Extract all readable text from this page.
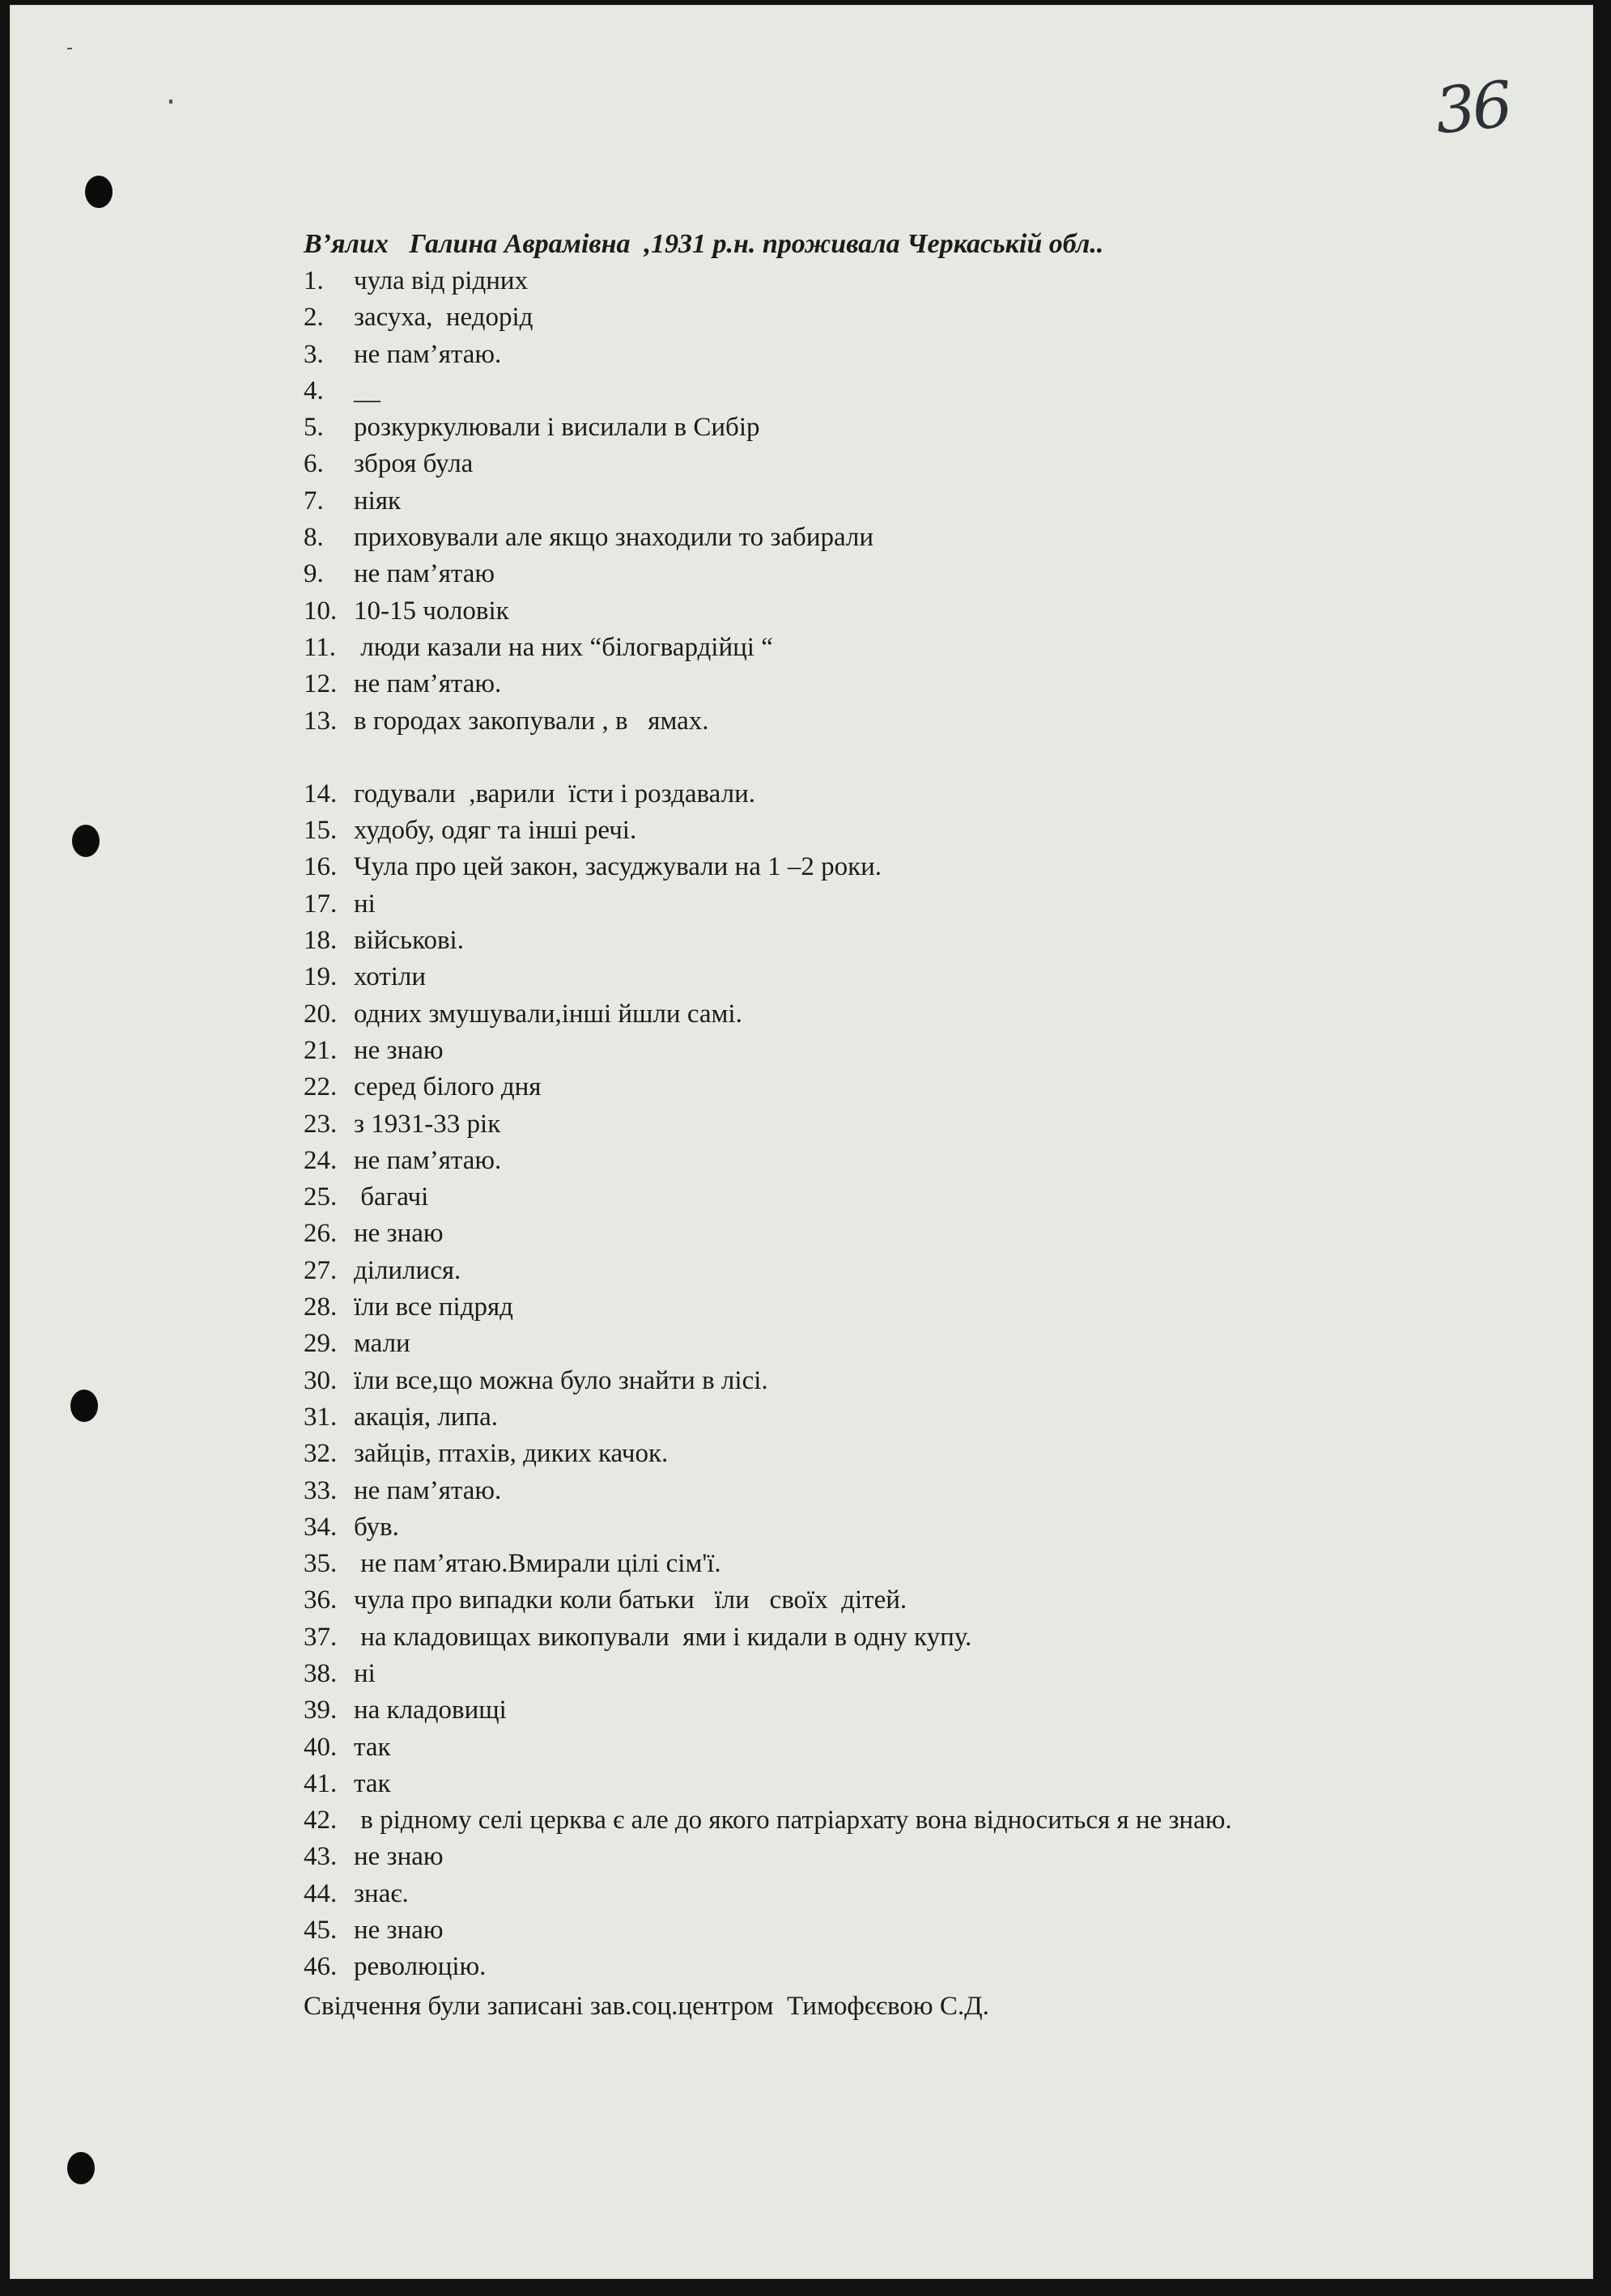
36
В’ялих   Галина Аврамівна  ,1931 р.н. проживала Черкаській обл..
1.	чула від рідних
2.	засуха,  недорід
3.	не пам’ятаю.
4.	__
5.	розкуркулювали і висилали в Сибір
6.	зброя була
7.	ніяк
8.	приховували але якщо знаходили то забирали
9.	не пам’ятаю
10. 10-15 чоловік
11. люди казали на них “білогвардійці “
12. не пам’ятаю.
13. в городах закопували , в   ямах.
14. годували  ,варили  їсти і роздавали.
15. худобу, одяг та інші речі.
16. Чула про цей закон, засуджували на 1 –2 роки.
17. ні
18. військові.
19. хотіли
20. одних змушували,інші йшли самі.
21. не знаю
22. серед білого дня
23. з 1931-33 рік
24. не пам’ятаю.
25. багачі
26. не знаю
27. ділилися.
28. їли все підряд
29. мали
30. їли все,що можна було знайти в лісі.
31. акація, липа.
32. зайців, птахів, диких качок.
33. не пам’ятаю.
34. був.
35. не пам’ятаю.Вмирали цілі сім'ї.
36. чула про випадки коли батьки   їли   своїх  дітей.
37. на кладовищах викопували  ями і кидали в одну купу.
38. ні
39. на кладовищі
40. так
41. так
42. в рідному селі церква є але до якого патріархату вона відноситься я не знаю.
43. не знаю
44. знає.
45. не знаю
46. революцію.
Свідчення були записані зав.соц.центром  Тимофєєвою С.Д.
